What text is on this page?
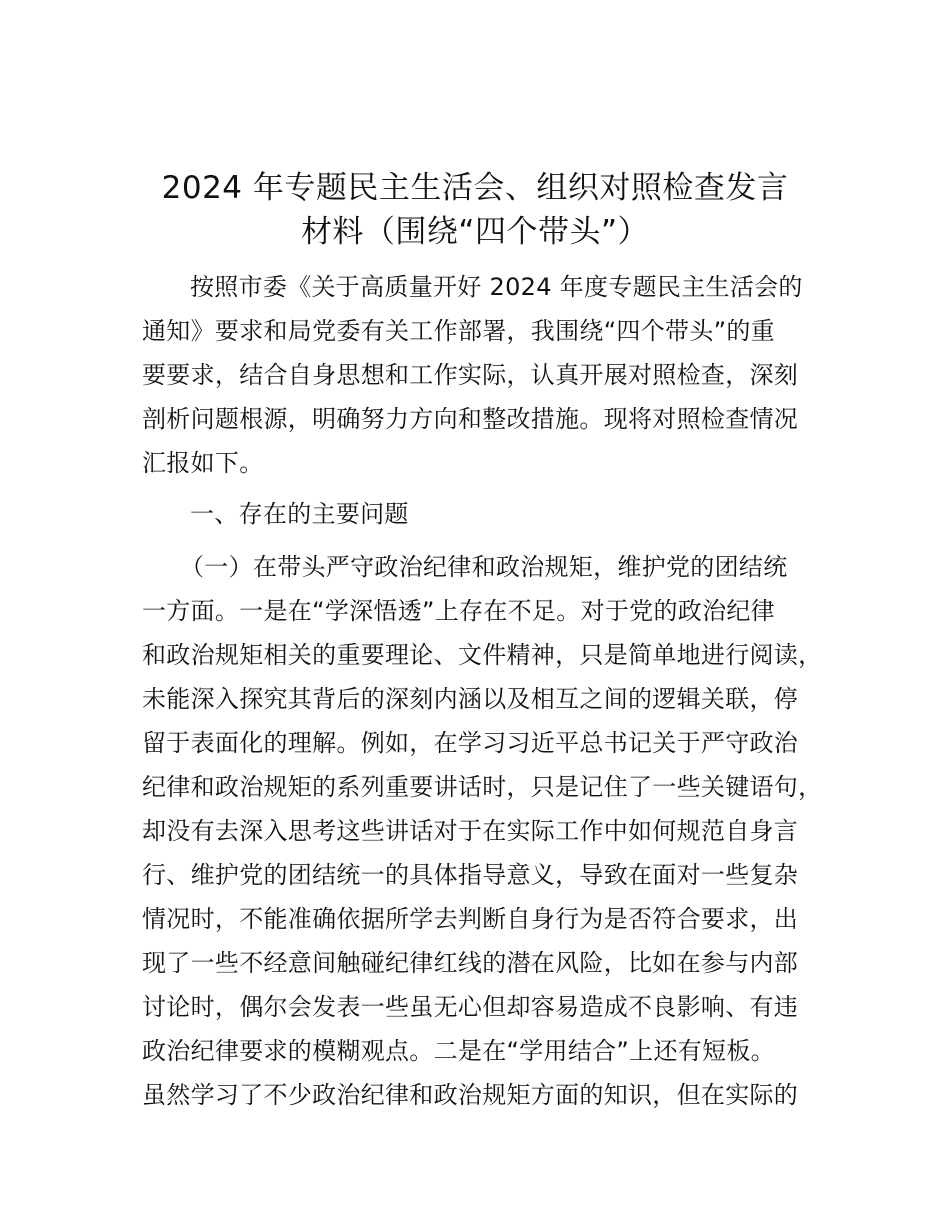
2024 年专题民主生活会、组织对照检查发言
材料（围绕“四个带头”）
按照市委《关于高质量开好 2024 年度专题民主生活会的
通知》要求和局党委有关工作部署，我围绕“四个带头”的重
要要求，结合自身思想和工作实际，认真开展对照检查，深刻
剖析问题根源，明确努力方向和整改措施。现将对照检查情况
汇报如下。
一、存在的主要问题
（一）在带头严守政治纪律和政治规矩，维护党的团结统
一方面。一是在“学深悟透”上存在不足。对于党的政治纪律
和政治规矩相关的重要理论、文件精神，只是简单地进行阅读，
未能深入探究其背后的深刻内涵以及相互之间的逻辑关联，停
留于表面化的理解。例如，在学习习近平总书记关于严守政治
纪律和政治规矩的系列重要讲话时，只是记住了一些关键语句，
却没有去深入思考这些讲话对于在实际工作中如何规范自身言
行、维护党的团结统一的具体指导意义，导致在面对一些复杂
情况时，不能准确依据所学去判断自身行为是否符合要求，出
现了一些不经意间触碰纪律红线的潜在风险，比如在参与内部
讨论时，偶尔会发表一些虽无心但却容易造成不良影响、有违
政治纪律要求的模糊观点。二是在“学用结合”上还有短板。
虽然学习了不少政治纪律和政治规矩方面的知识，但在实际的
